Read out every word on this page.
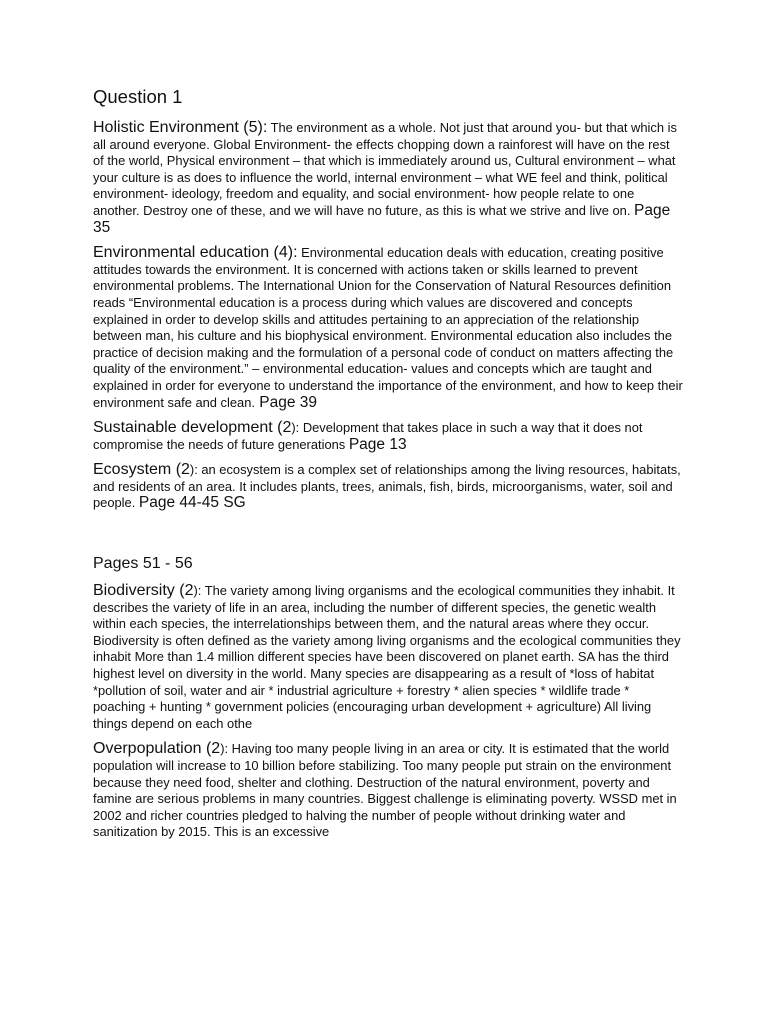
Question 1

Holistic Environment (5): The environment as a whole. Not just that around you- but that which is all around everyone. Global Environment- the effects chopping down a rainforest will have on the rest of the world, Physical environment – that which is immediately around us, Cultural environment – what your culture is as does to influence the world, internal environment – what WE feel and think, political environment- ideology, freedom and equality, and social environment- how people relate to one another. Destroy one of these, and we will have no future, as this is what we strive and live on. Page 35

Environmental education (4): Environmental education deals with education, creating positive attitudes towards the environment. It is concerned with actions taken or skills learned to prevent environmental problems. The International Union for the Conservation of Natural Resources definition reads “Environmental education is a process during which values are discovered and concepts explained in order to develop skills and attitudes pertaining to an appreciation of the relationship between man, his culture and his biophysical environment. Environmental education also includes the practice of decision making and the formulation of a personal code of conduct on matters affecting the quality of the environment.” – environmental education- values and concepts which are taught and explained in order for everyone to understand the importance of the environment, and how to keep their environment safe and clean. Page 39

Sustainable development (2): Development that takes place in such a way that it does not compromise the needs of future generations Page 13

Ecosystem (2): an ecosystem is a complex set of relationships among the living resources, habitats, and residents of an area. It includes plants, trees, animals, fish, birds, microorganisms, water, soil and people. Page 44-45 SG

Pages 51 - 56

Biodiversity (2): The variety among living organisms and the ecological communities they inhabit. It describes the variety of life in an area, including the number of different species, the genetic wealth within each species, the interrelationships between them, and the natural areas where they occur. Biodiversity is often defined as the variety among living organisms and the ecological communities they inhabit More than 1.4 million different species have been discovered on planet earth. SA has the third highest level on diversity in the world. Many species are disappearing as a result of *loss of habitat *pollution of soil, water and air * industrial agriculture + forestry * alien species * wildlife trade * poaching + hunting * government policies (encouraging urban development + agriculture) All living things depend on each othe

Overpopulation (2): Having too many people living in an area or city. It is estimated that the world population will increase to 10 billion before stabilizing. Too many people put strain on the environment because they need food, shelter and clothing. Destruction of the natural environment, poverty and famine are serious problems in many countries. Biggest challenge is eliminating poverty. WSSD met in 2002 and richer countries pledged to halving the number of people without drinking water and sanitization by 2015. This is an excessive
